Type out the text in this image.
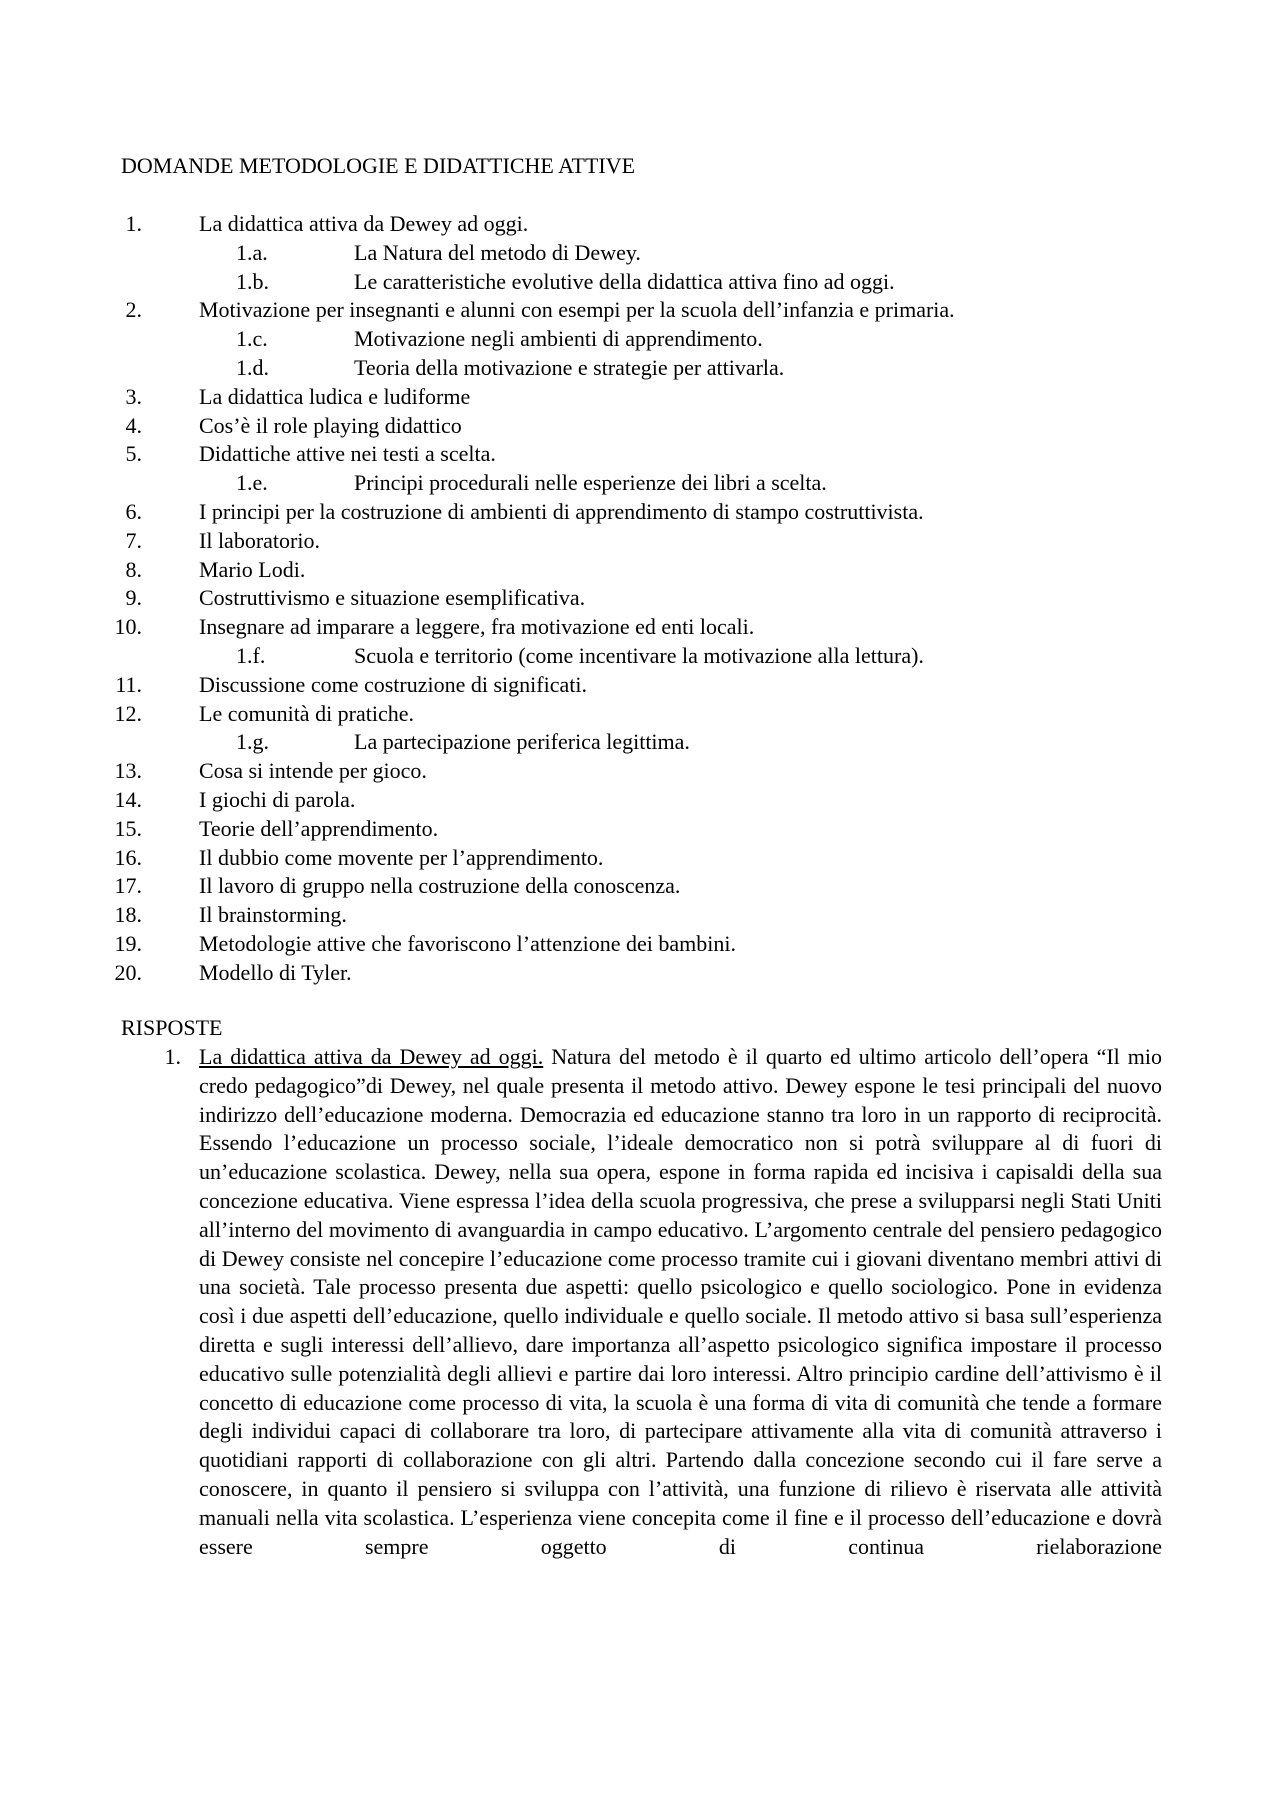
DOMANDE METODOLOGIE E DIDATTICHE ATTIVE
1.	La didattica attiva da Dewey ad oggi.
1.a.	La Natura del metodo di Dewey.
1.b.	Le caratteristiche evolutive della didattica attiva fino ad oggi.
2.	Motivazione per insegnanti e alunni con esempi per la scuola dell’infanzia e primaria.
1.c.	Motivazione negli ambienti di apprendimento.
1.d.	Teoria della motivazione e strategie per attivarla.
3.	La didattica ludica e ludiforme
4.	Cos’è il role playing didattico
5.	Didattiche attive nei testi a scelta.
1.e.	Principi procedurali nelle esperienze dei libri a scelta.
6.	I principi per la costruzione di ambienti di apprendimento di stampo costruttivista.
7.	Il laboratorio.
8.	Mario Lodi.
9.	Costruttivismo e situazione esemplificativa.
10.	Insegnare ad imparare a leggere, fra motivazione ed enti locali.
1.f.	Scuola e territorio (come incentivare la motivazione alla lettura).
11.	Discussione come costruzione di significati.
12.	Le comunità di pratiche.
1.g.	La partecipazione periferica legittima.
13.	Cosa si intende per gioco.
14.	I giochi di parola.
15.	Teorie dell’apprendimento.
16.	Il dubbio come movente per l’apprendimento.
17.	Il lavoro di gruppo nella costruzione della conoscenza.
18.	Il brainstorming.
19.	Metodologie attive che favoriscono l’attenzione dei bambini.
20.	Modello di Tyler.
RISPOSTE
1. La didattica attiva da Dewey ad oggi. Natura del metodo è il quarto ed ultimo articolo dell’opera “Il mio credo pedagogico”di Dewey, nel quale presenta il metodo attivo. Dewey espone le tesi principali del nuovo indirizzo dell’educazione moderna. Democrazia ed educazione stanno tra loro in un rapporto di reciprocità. Essendo l’educazione un processo sociale, l’ideale democratico non si potrà sviluppare al di fuori di un’educazione scolastica. Dewey, nella sua opera, espone in forma rapida ed incisiva i capisaldi della sua concezione educativa. Viene espressa l’idea della scuola progressiva, che prese a svilupparsi negli Stati Uniti all’interno del movimento di avanguardia in campo educativo. L’argomento centrale del pensiero pedagogico di Dewey consiste nel concepire l’educazione come processo tramite cui i giovani diventano membri attivi di una società. Tale processo presenta due aspetti: quello psicologico e quello sociologico. Pone in evidenza così i due aspetti dell’educazione, quello individuale e quello sociale. Il metodo attivo si basa sull’esperienza diretta e sugli interessi dell’allievo, dare importanza all’aspetto psicologico significa impostare il processo educativo sulle potenzialità degli allievi e partire dai loro interessi. Altro principio cardine dell’attivismo è il concetto di educazione come processo di vita, la scuola è una forma di vita di comunità che tende a formare degli individui capaci di collaborare tra loro, di partecipare attivamente alla vita di comunità attraverso i quotidiani rapporti di collaborazione con gli altri. Partendo dalla concezione secondo cui il fare serve a conoscere, in quanto il pensiero si sviluppa con l’attività, una funzione di rilievo è riservata alle attività manuali nella vita scolastica. L’esperienza viene concepita come il fine e il processo dell’educazione e dovrà essere sempre oggetto di continua rielaborazione
